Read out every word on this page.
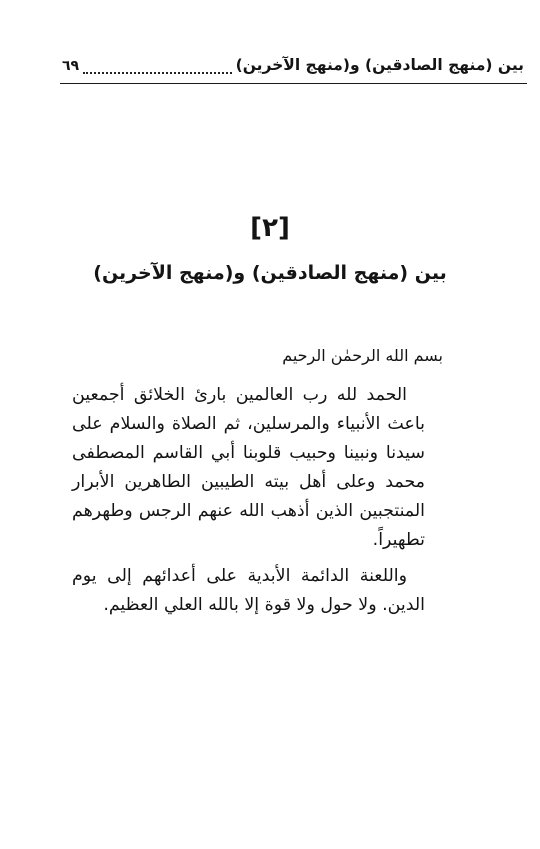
بين (منهج الصادقين) و(منهج الآخرين)
٦٩
[٢]
بين (منهج الصادقين) و(منهج الآخرين)
بسم الله الرحمٰن الرحيم
الحمد لله رب العالمين بارئ الخلائق أجمعين
باعث الأنبياء والمرسلين، ثم الصلاة والسلام على
سيدنا ونبينا وحبيب قلوبنا أبي القاسم المصطفى
محمد وعلى أهل بيته الطيبين الطاهرين الأبرار
المنتجبين الذين أذهب الله عنهم الرجس وطهرهم
تطهيراً.
واللعنة الدائمة الأبدية على أعدائهم إلى يوم
الدين. ولا حول ولا قوة إلا بالله العلي العظيم.
